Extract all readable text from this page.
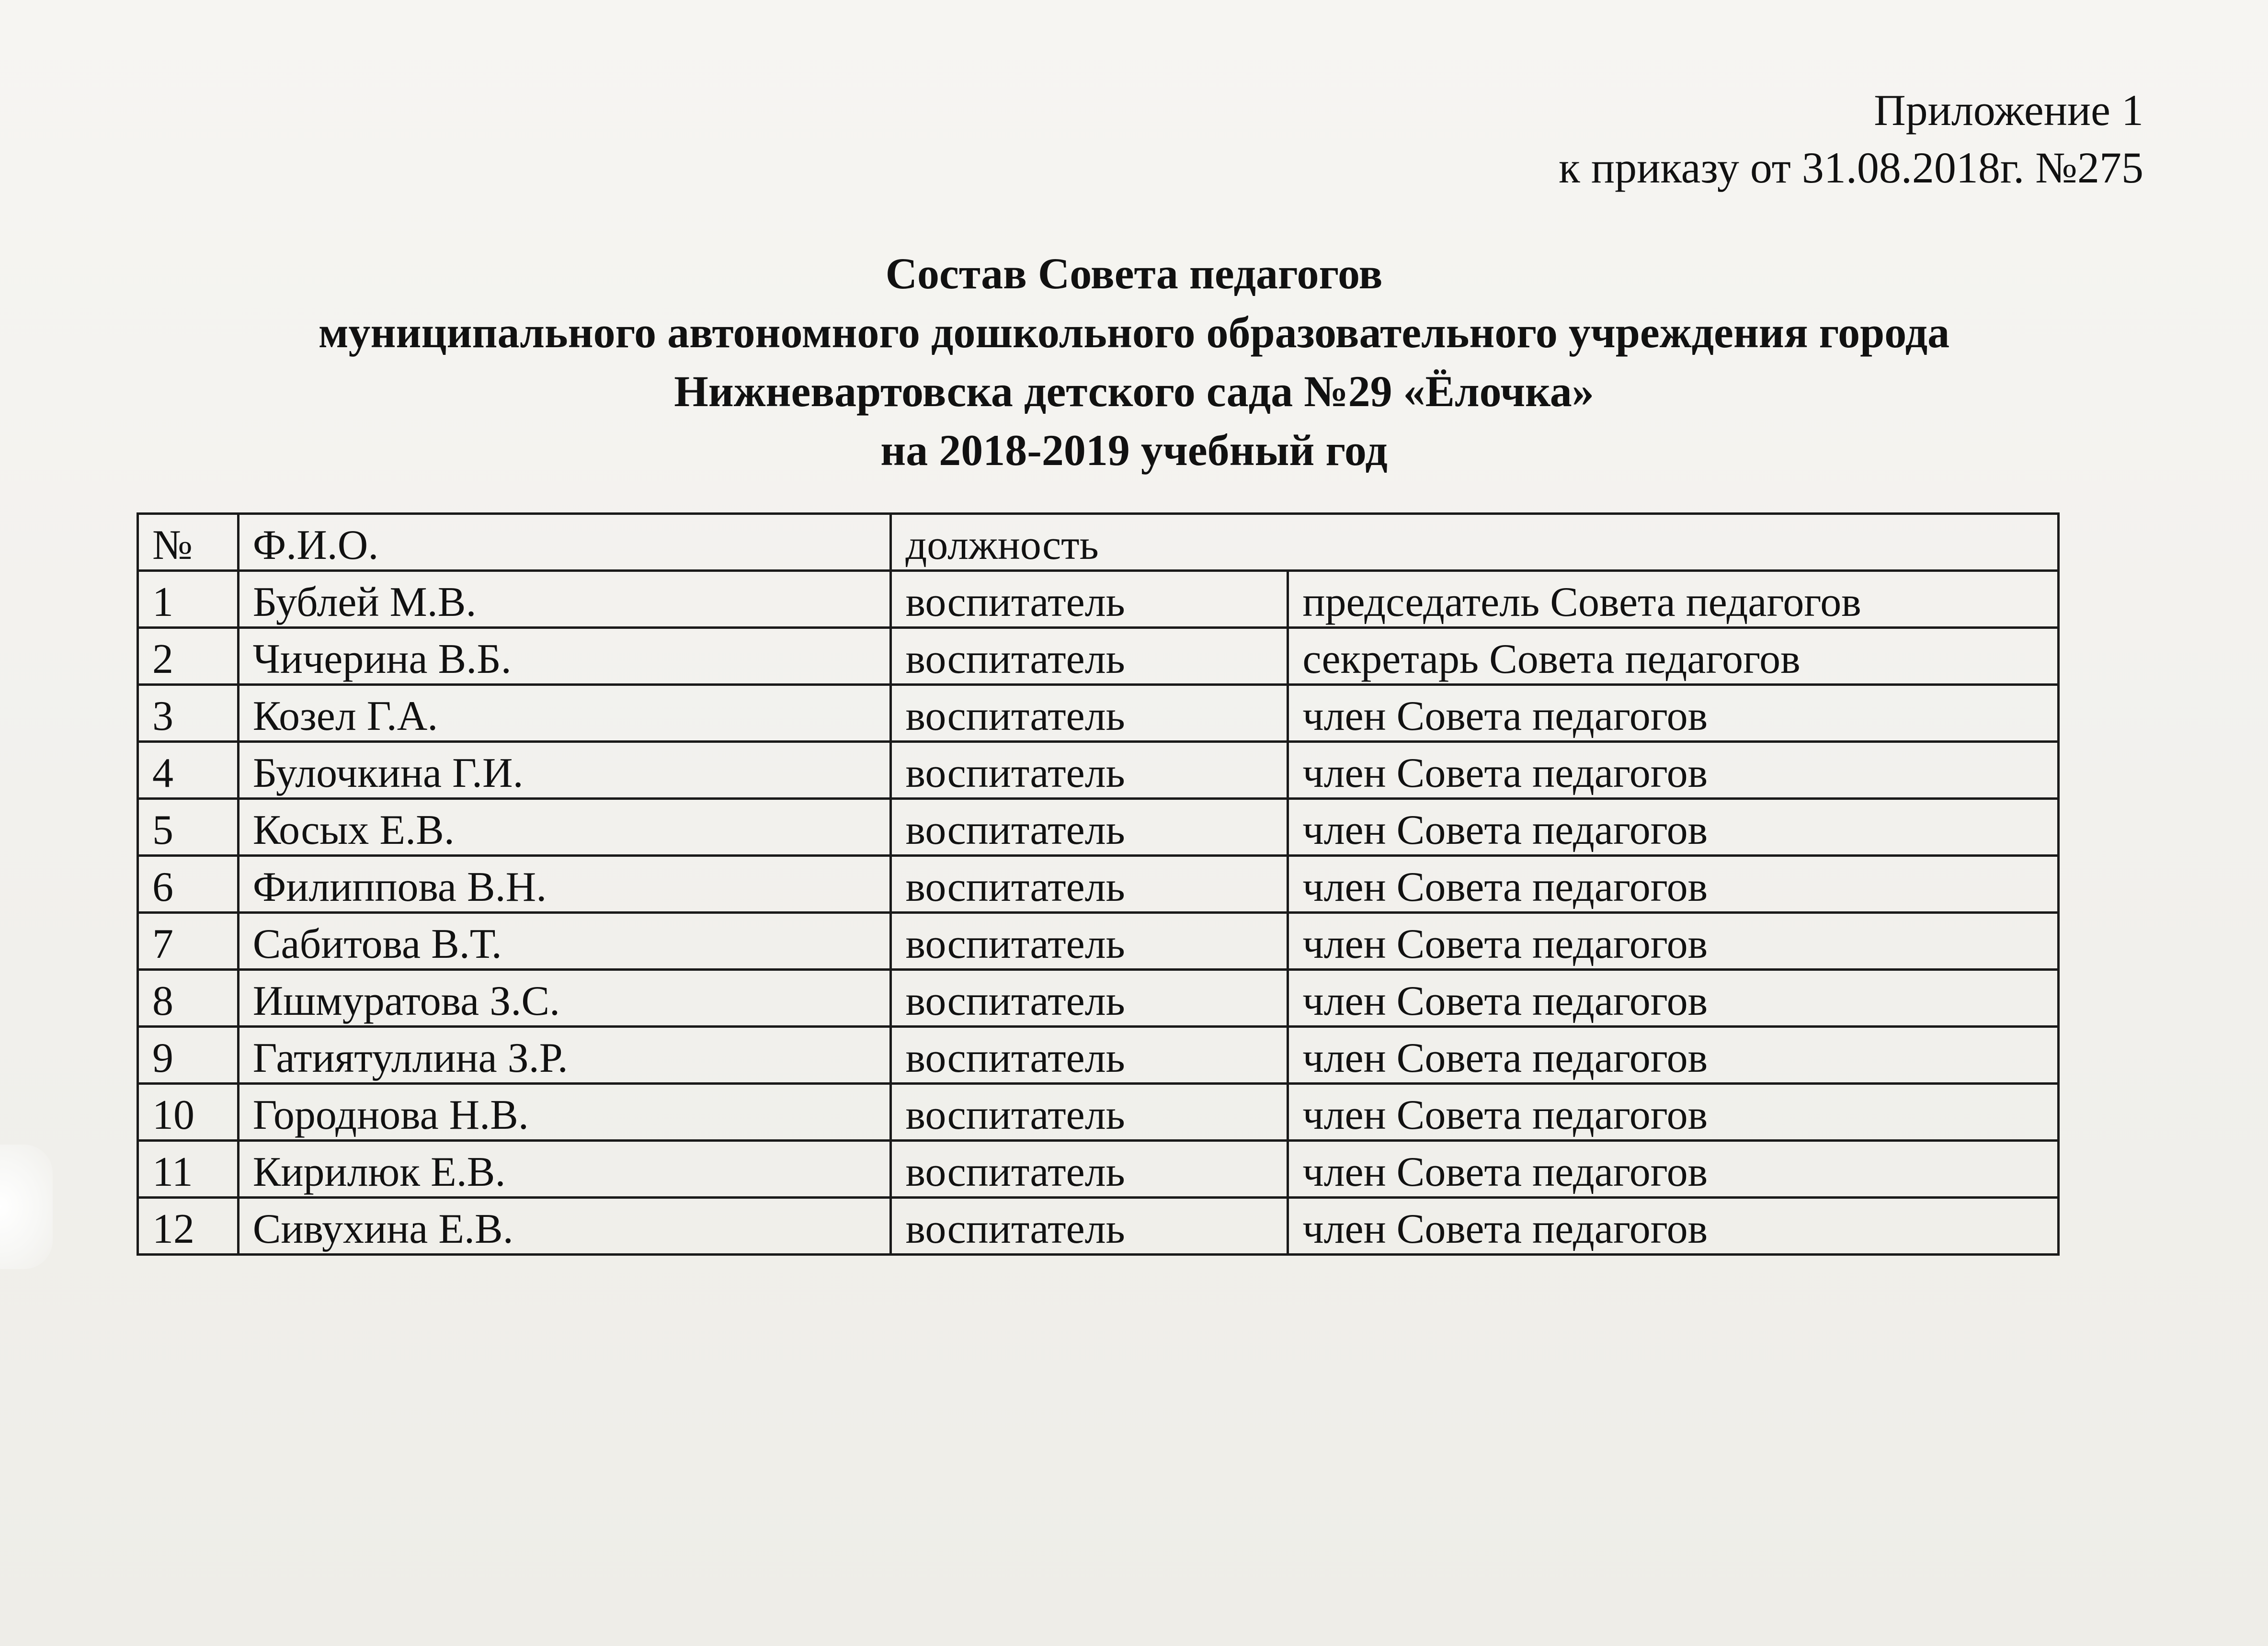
Приложение 1
к приказу от 31.08.2018г. №275
Состав Совета педагогов
муниципального автономного дошкольного образовательного учреждения города
Нижневартовска детского сада №29 «Ёлочка»
на 2018-2019 учебный год
№	Ф.И.О.	должность	
1	Бублей М.В.	воспитатель	председатель Совета педагогов
2	Чичерина В.Б.	воспитатель	секретарь Совета педагогов
3	Козел Г.А.	воспитатель	член Совета педагогов
4	Булочкина Г.И.	воспитатель	член Совета педагогов
5	Косых Е.В.	воспитатель	член Совета педагогов
6	Филиппова В.Н.	воспитатель	член Совета педагогов
7	Сабитова В.Т.	воспитатель	член Совета педагогов
8	Ишмуратова З.С.	воспитатель	член Совета педагогов
9	Гатиятуллина З.Р.	воспитатель	член Совета педагогов
10	Городнова Н.В.	воспитатель	член Совета педагогов
11	Кирилюк Е.В.	воспитатель	член Совета педагогов
12	Сивухина Е.В.	воспитатель	член Совета педагогов
